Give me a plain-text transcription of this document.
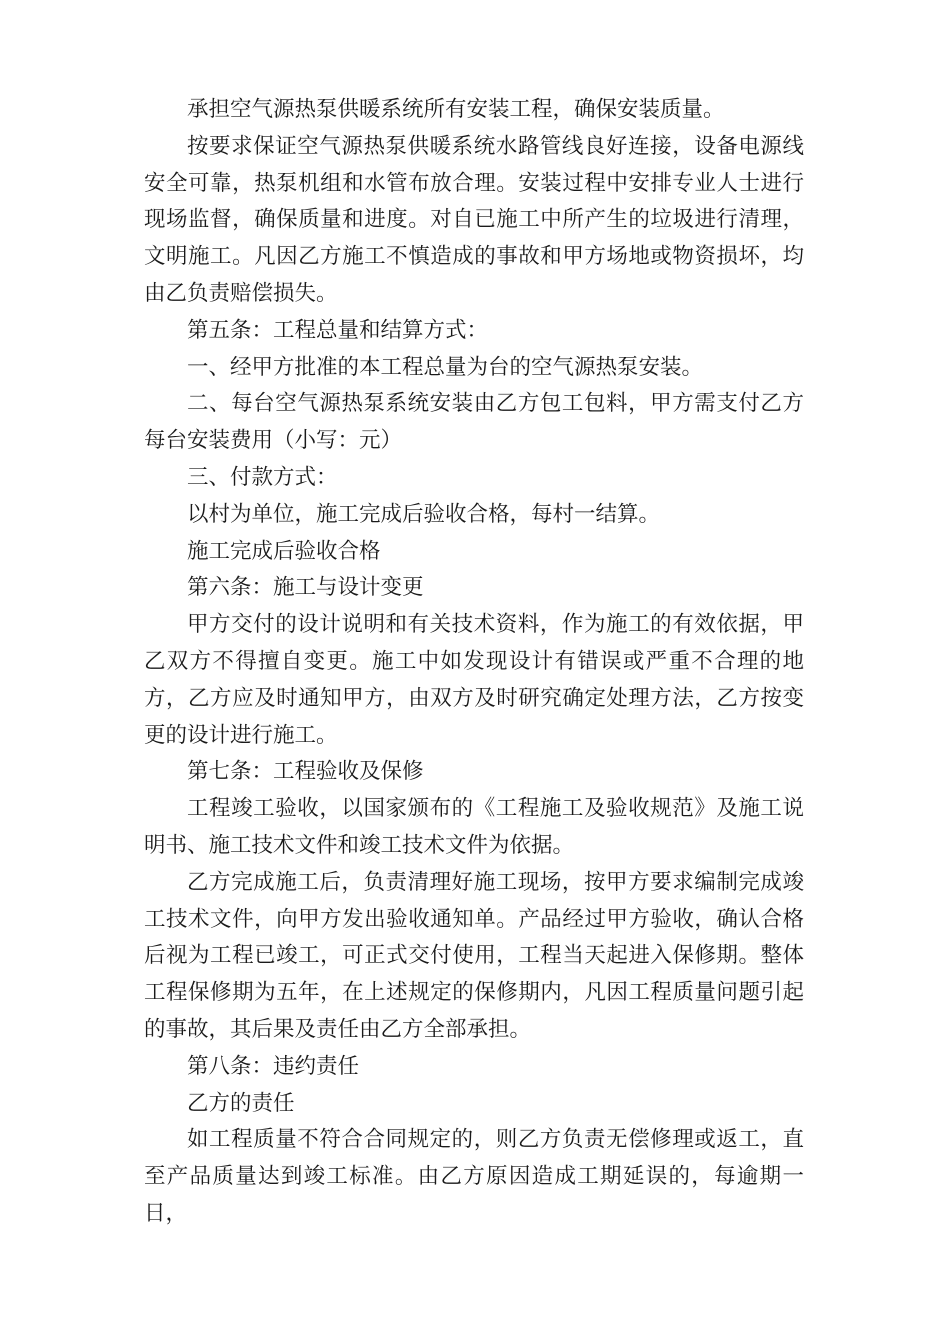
承担空气源热泵供暖系统所有安装工程，确保安装质量。

按要求保证空气源热泵供暖系统水路管线良好连接，设备电源线安全可靠，热泵机组和水管布放合理。安装过程中安排专业人士进行现场监督，确保质量和进度。对自已施工中所产生的垃圾进行清理，文明施工。凡因乙方施工不慎造成的事故和甲方场地或物资损坏，均由乙负责赔偿损失。

第五条：工程总量和结算方式：

一、经甲方批准的本工程总量为台的空气源热泵安装。

二、每台空气源热泵系统安装由乙方包工包料，甲方需支付乙方每台安装费用（小写：元）

三、付款方式：

以村为单位，施工完成后验收合格，每村一结算。

施工完成后验收合格

第六条：施工与设计变更

甲方交付的设计说明和有关技术资料，作为施工的有效依据，甲乙双方不得擅自变更。施工中如发现设计有错误或严重不合理的地方，乙方应及时通知甲方，由双方及时研究确定处理方法，乙方按变更的设计进行施工。

第七条：工程验收及保修

工程竣工验收，以国家颁布的《工程施工及验收规范》及施工说明书、施工技术文件和竣工技术文件为依据。

乙方完成施工后，负责清理好施工现场，按甲方要求编制完成竣工技术文件，向甲方发出验收通知单。产品经过甲方验收，确认合格后视为工程已竣工，可正式交付使用，工程当天起进入保修期。整体工程保修期为五年，在上述规定的保修期内，凡因工程质量问题引起的事故，其后果及责任由乙方全部承担。

第八条：违约责任

乙方的责任

如工程质量不符合合同规定的，则乙方负责无偿修理或返工，直至产品质量达到竣工标准。由乙方原因造成工期延误的，每逾期一日，
